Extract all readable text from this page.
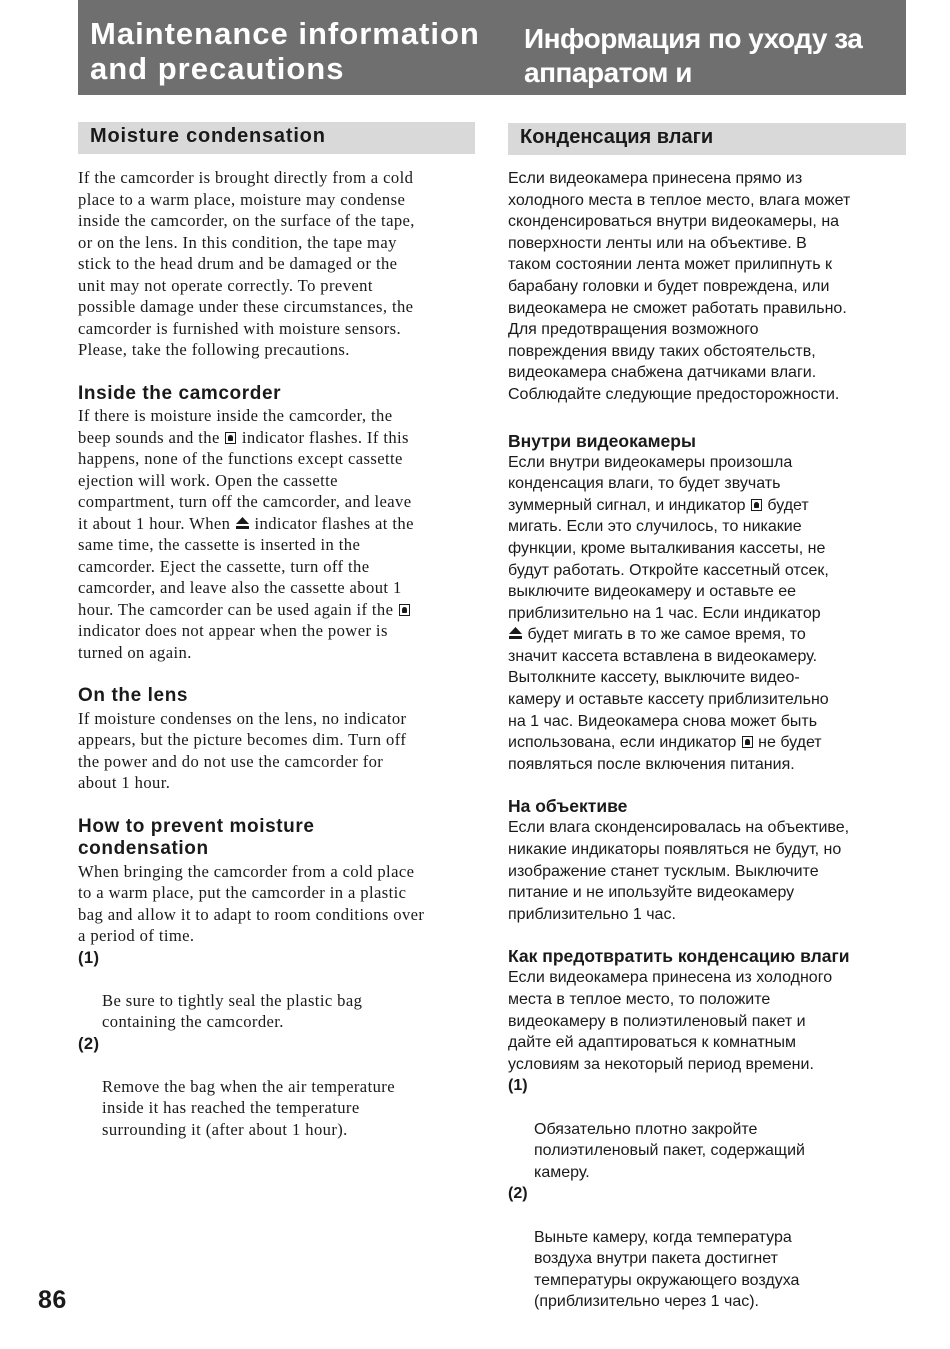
Maintenance information
and precautions
Информация по уходу за
аппаратом и предосторожности
Moisture condensation	Конденсация влаги

If the camcorder is brought directly from a cold
place to a warm place, moisture may condense
inside the camcorder, on the surface of the tape,
or on the lens. In this condition, the tape may
stick to the head drum and be damaged or the
unit may not operate correctly. To prevent
possible damage under these circumstances, the
camcorder is furnished with moisture sensors.
Please, take the following precautions.

Inside the camcorder

If there is moisture inside the camcorder, the
beep sounds and the indicator flashes. If this
happens, none of the functions except cassette
ejection will work. Open the cassette
compartment, turn off the camcorder, and leave
it about 1 hour. When indicator flashes at the
same time, the cassette is inserted in the
camcorder. Eject the cassette, turn off the
camcorder, and leave also the cassette about 1
hour. The camcorder can be used again if the
indicator does not appear when the power is
turned on again.

On the lens

If moisture condenses on the lens, no indicator
appears, but the picture becomes dim. Turn off
the power and do not use the camcorder for
about 1 hour.

How to prevent moisture
condensation

When bringing the camcorder from a cold place
to a warm place, put the camcorder in a plastic
bag and allow it to adapt to room conditions over
a period of time.

(1)

Be sure to tightly seal the plastic bag
containing the camcorder.

(2)

Remove the bag when the air temperature
inside it has reached the temperature
surrounding it (after about 1 hour).

Если видеокамера принесена прямо из
холодного места в теплое место, влага может
сконденсироваться внутри видеокамеры, на
поверхности ленты или на объективе. В
таком состоянии лента может прилипнуть к
барабану головки и будет повреждена, или
видеокамера не сможет работать правильно.
Для предотвращения возможного
повреждения ввиду таких обстоятельств,
видеокамера снабжена датчиками влаги.
Соблюдайте следующие предосторожности.

Внутри видеокамеры

Если внутри видеокамеры произошла
конденсация влаги, то будет звучать
зуммерный сигнал, и индикатор будет
мигать. Если это случилось, то никакие
функции, кроме выталкивания кассеты, не
будут работать. Откройте кассетный отсек,
выключите видеокамеру и оставьте ее
приблизительно на 1 час. Если индикатор
будет мигать в то же самое время, то
значит кассета вставлена в видеокамеру.
Вытолкните кассету, выключите видео-
камеру и оставьте кассету приблизительно
на 1 час. Видеокамера снова может быть
использована, если индикатор не будет
появляться после включения питания.

На объективе

Если влага сконденсировалась на объективе,
никакие индикаторы появляться не будут, но
изображение станет тусклым. Выключите
питание и не ипользуйте видеокамеру
приблизительно 1 час.

Как предотвратить конденсацию влаги

Если видеокамера принесена из холодного
места в теплое место, то положите
видеокамеру в полиэтиленовый пакет и
дайте ей адаптироваться к комнатным
условиям за некоторый период времени.

(1)

Обязательно плотно закройте
полиэтиленовый пакет, содержащий
камеру.

(2)

Выньте камеру, когда температура
воздуха внутри пакета достигнет
температуры окружающего воздуха
(приблизительно через 1 час).

86
